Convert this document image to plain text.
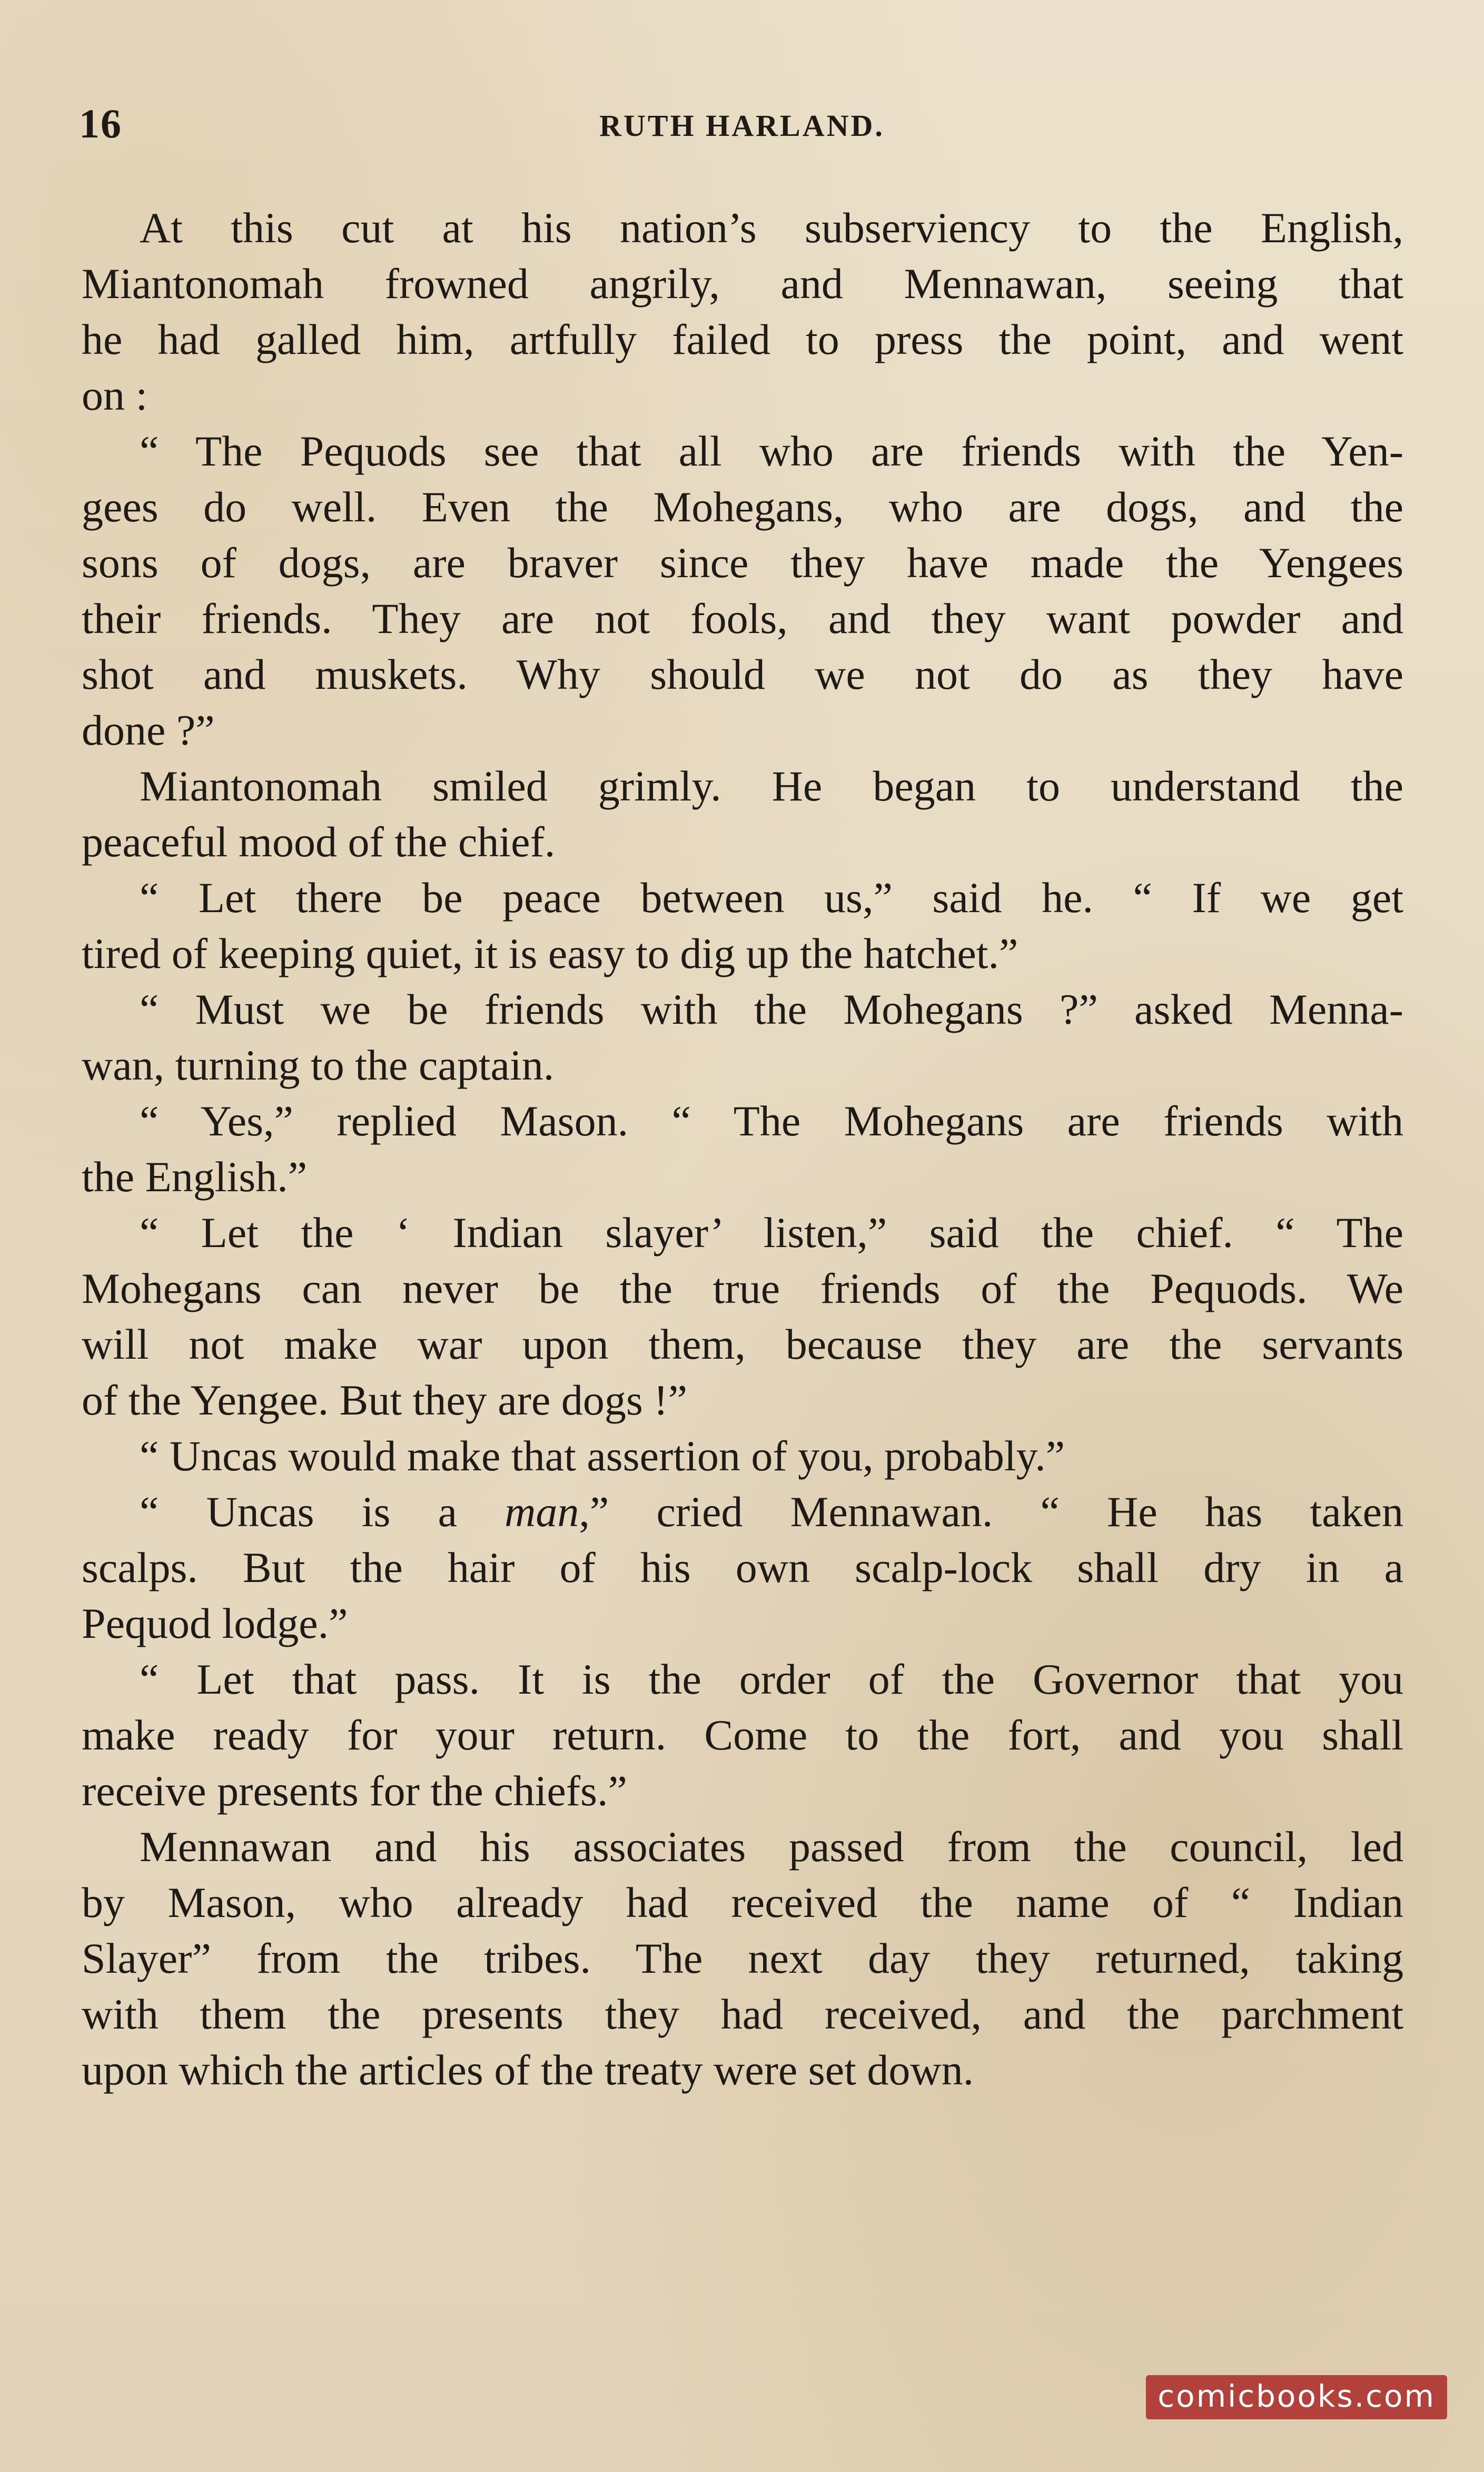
16	RUTH HARLAND.

At this cut at his nation’s subserviency to the English,
Miantonomah frowned angrily, and Mennawan, seeing that
he had galled him, artfully failed to press the point, and went
on :

“ The Pequods see that all who are friends with the Yen-
gees do well. Even the Mohegans, who are dogs, and the
sons of dogs, are braver since they have made the Yengees
their friends. They are not fools, and they want powder and
shot and muskets. Why should we not do as they have
done ?”

Miantonomah smiled grimly. He began to understand the
peaceful mood of the chief.

“ Let there be peace between us,” said he. “ If we get
tired of keeping quiet, it is easy to dig up the hatchet.”

“ Must we be friends with the Mohegans ?” asked Menna-
wan, turning to the captain.

“ Yes,” replied Mason. “ The Mohegans are friends with
the English.”

“ Let the ‘ Indian slayer’ listen,” said the chief. “ The
Mohegans can never be the true friends of the Pequods. We
will not make war upon them, because they are the servants
of the Yengee. But they are dogs !”

“ Uncas would make that assertion of you, probably.”

“ Uncas is a man,” cried Mennawan. “ He has taken
scalps. But the hair of his own scalp-lock shall dry in a
Pequod lodge.”

“ Let that pass. It is the order of the Governor that you
make ready for your return. Come to the fort, and you shall
receive presents for the chiefs.”

Mennawan and his associates passed from the council, led
by Mason, who already had received the name of “ Indian
Slayer” from the tribes. The next day they returned, taking
with them the presents they had received, and the parchment
upon which the articles of the treaty were set down.

comicbooks.com
